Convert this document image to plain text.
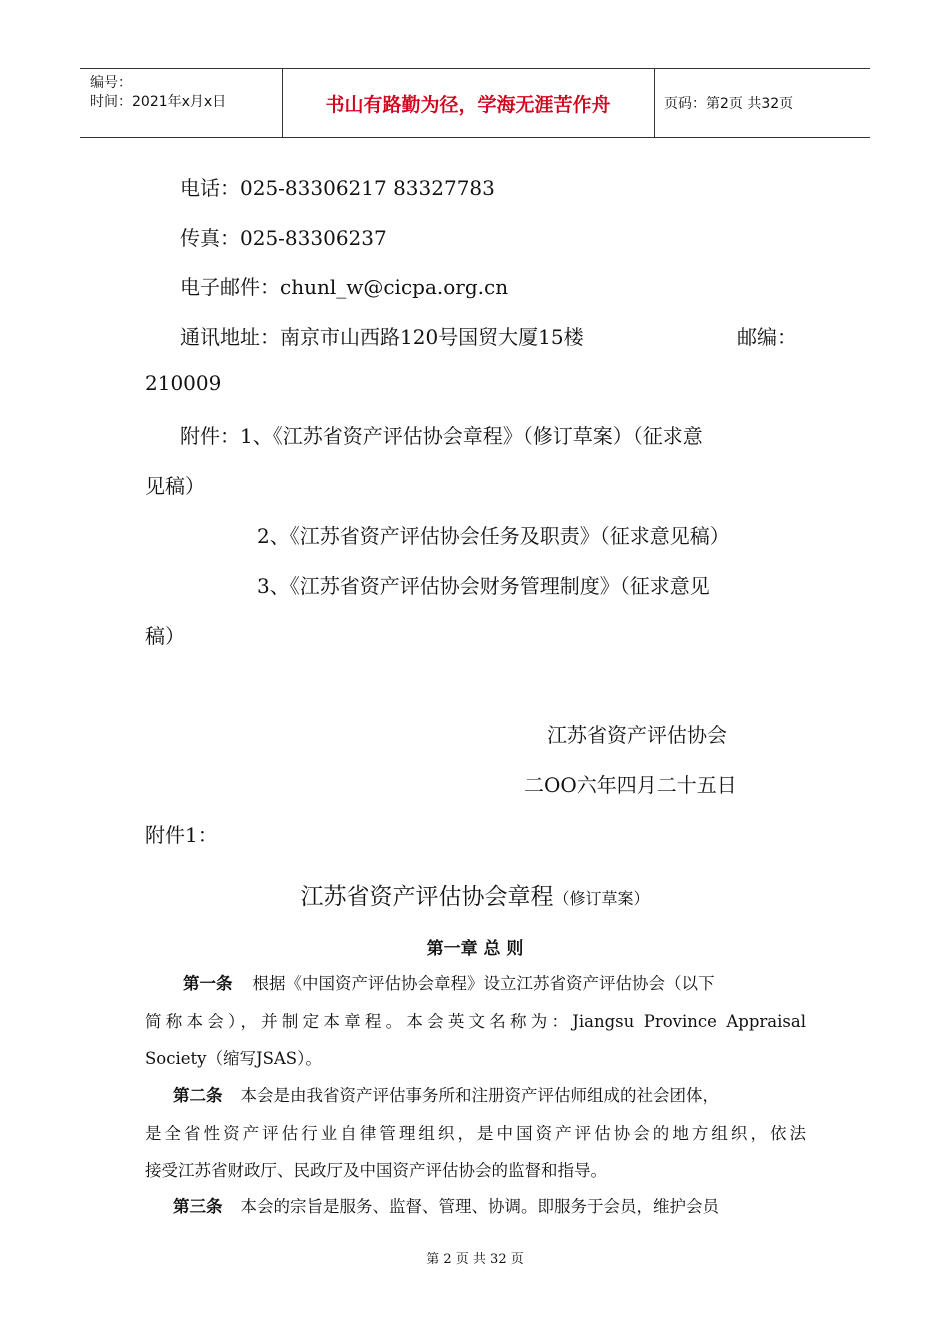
编号：
时间：2021年x月x日	书山有路勤为径，学海无涯苦作舟	页码：第2页 共32页
电话：025-83306217 83327783
传真：025-83306237
电子邮件：chunl_w@cicpa.org.cn
通讯地址：南京市山西路120号国贸大厦15楼	邮编：
210009
附件：1、《江苏省资产评估协会章程》（修订草案）（征求意
见稿）
2、《江苏省资产评估协会任务及职责》（征求意见稿）
3、《江苏省资产评估协会财务管理制度》（征求意见
稿）
江苏省资产评估协会
二OO六年四月二十五日
附件1：
江苏省资产评估协会章程（修订草案）
第一章 总 则
第一条 根据《中国资产评估协会章程》设立江苏省资产评估协会（以下
简称本会），并制定本章程。本会英文名称为：Jiangsu Province Appraisal
Society（缩写JSAS）。
第二条 本会是由我省资产评估事务所和注册资产评估师组成的社会团体，
是全省性资产评估行业自律管理组织，是中国资产评估协会的地方组织，依法
接受江苏省财政厅、民政厅及中国资产评估协会的监督和指导。
第三条 本会的宗旨是服务、监督、管理、协调。即服务于会员，维护会员
第 2 页 共 32 页
